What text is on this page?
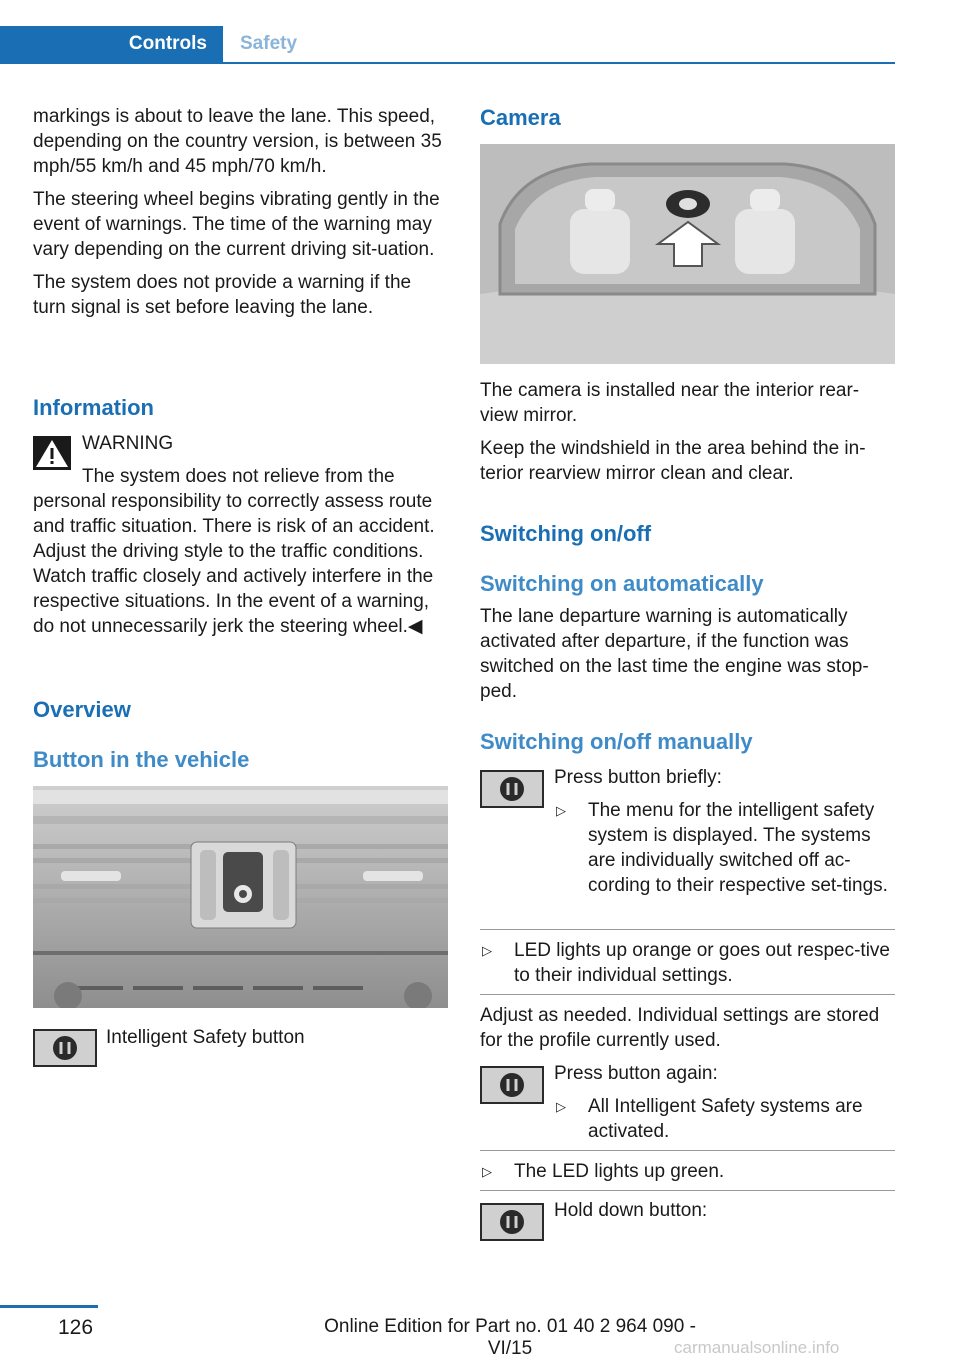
Controls	Safety

markings is about to leave the lane. This speed, depending on the country version, is between 35 mph/55 km/h and 45 mph/70 km/h.

The steering wheel begins vibrating gently in the event of warnings. The time of the warning may vary depending on the current driving sit‐uation.

The system does not provide a warning if the turn signal is set before leaving the lane.

Information
WARNING
The system does not relieve from the personal responsibility to correctly assess route and traffic situation. There is risk of an accident. Adjust the driving style to the traffic conditions. Watch traffic closely and actively interfere in the respective situations. In the event of a warning, do not unnecessarily jerk the steering wheel.◀
Overview
Button in the vehicle
Intelligent Safety button
Camera

The camera is installed near the interior rear‐view mirror.

Keep the windshield in the area behind the in‐terior rearview mirror clean and clear.

Switching on/off
Switching on automatically
The lane departure warning is automatically activated after departure, if the function was switched on the last time the engine was stop‐ped.
Switching on/off manually
Press button briefly:
▷ The menu for the intelligent safety system is displayed. The systems are individually switched off ac‐cording to their respective set‐tings.
▷ LED lights up orange or goes out respec‐tive to their individual settings.
Adjust as needed. Individual settings are stored for the profile currently used.
Press button again:
▷ All Intelligent Safety systems are activated.
▷ The LED lights up green.
Hold down button:
126	Online Edition for Part no. 01 40 2 964 090 - VI/15	carmanualsonline.info
